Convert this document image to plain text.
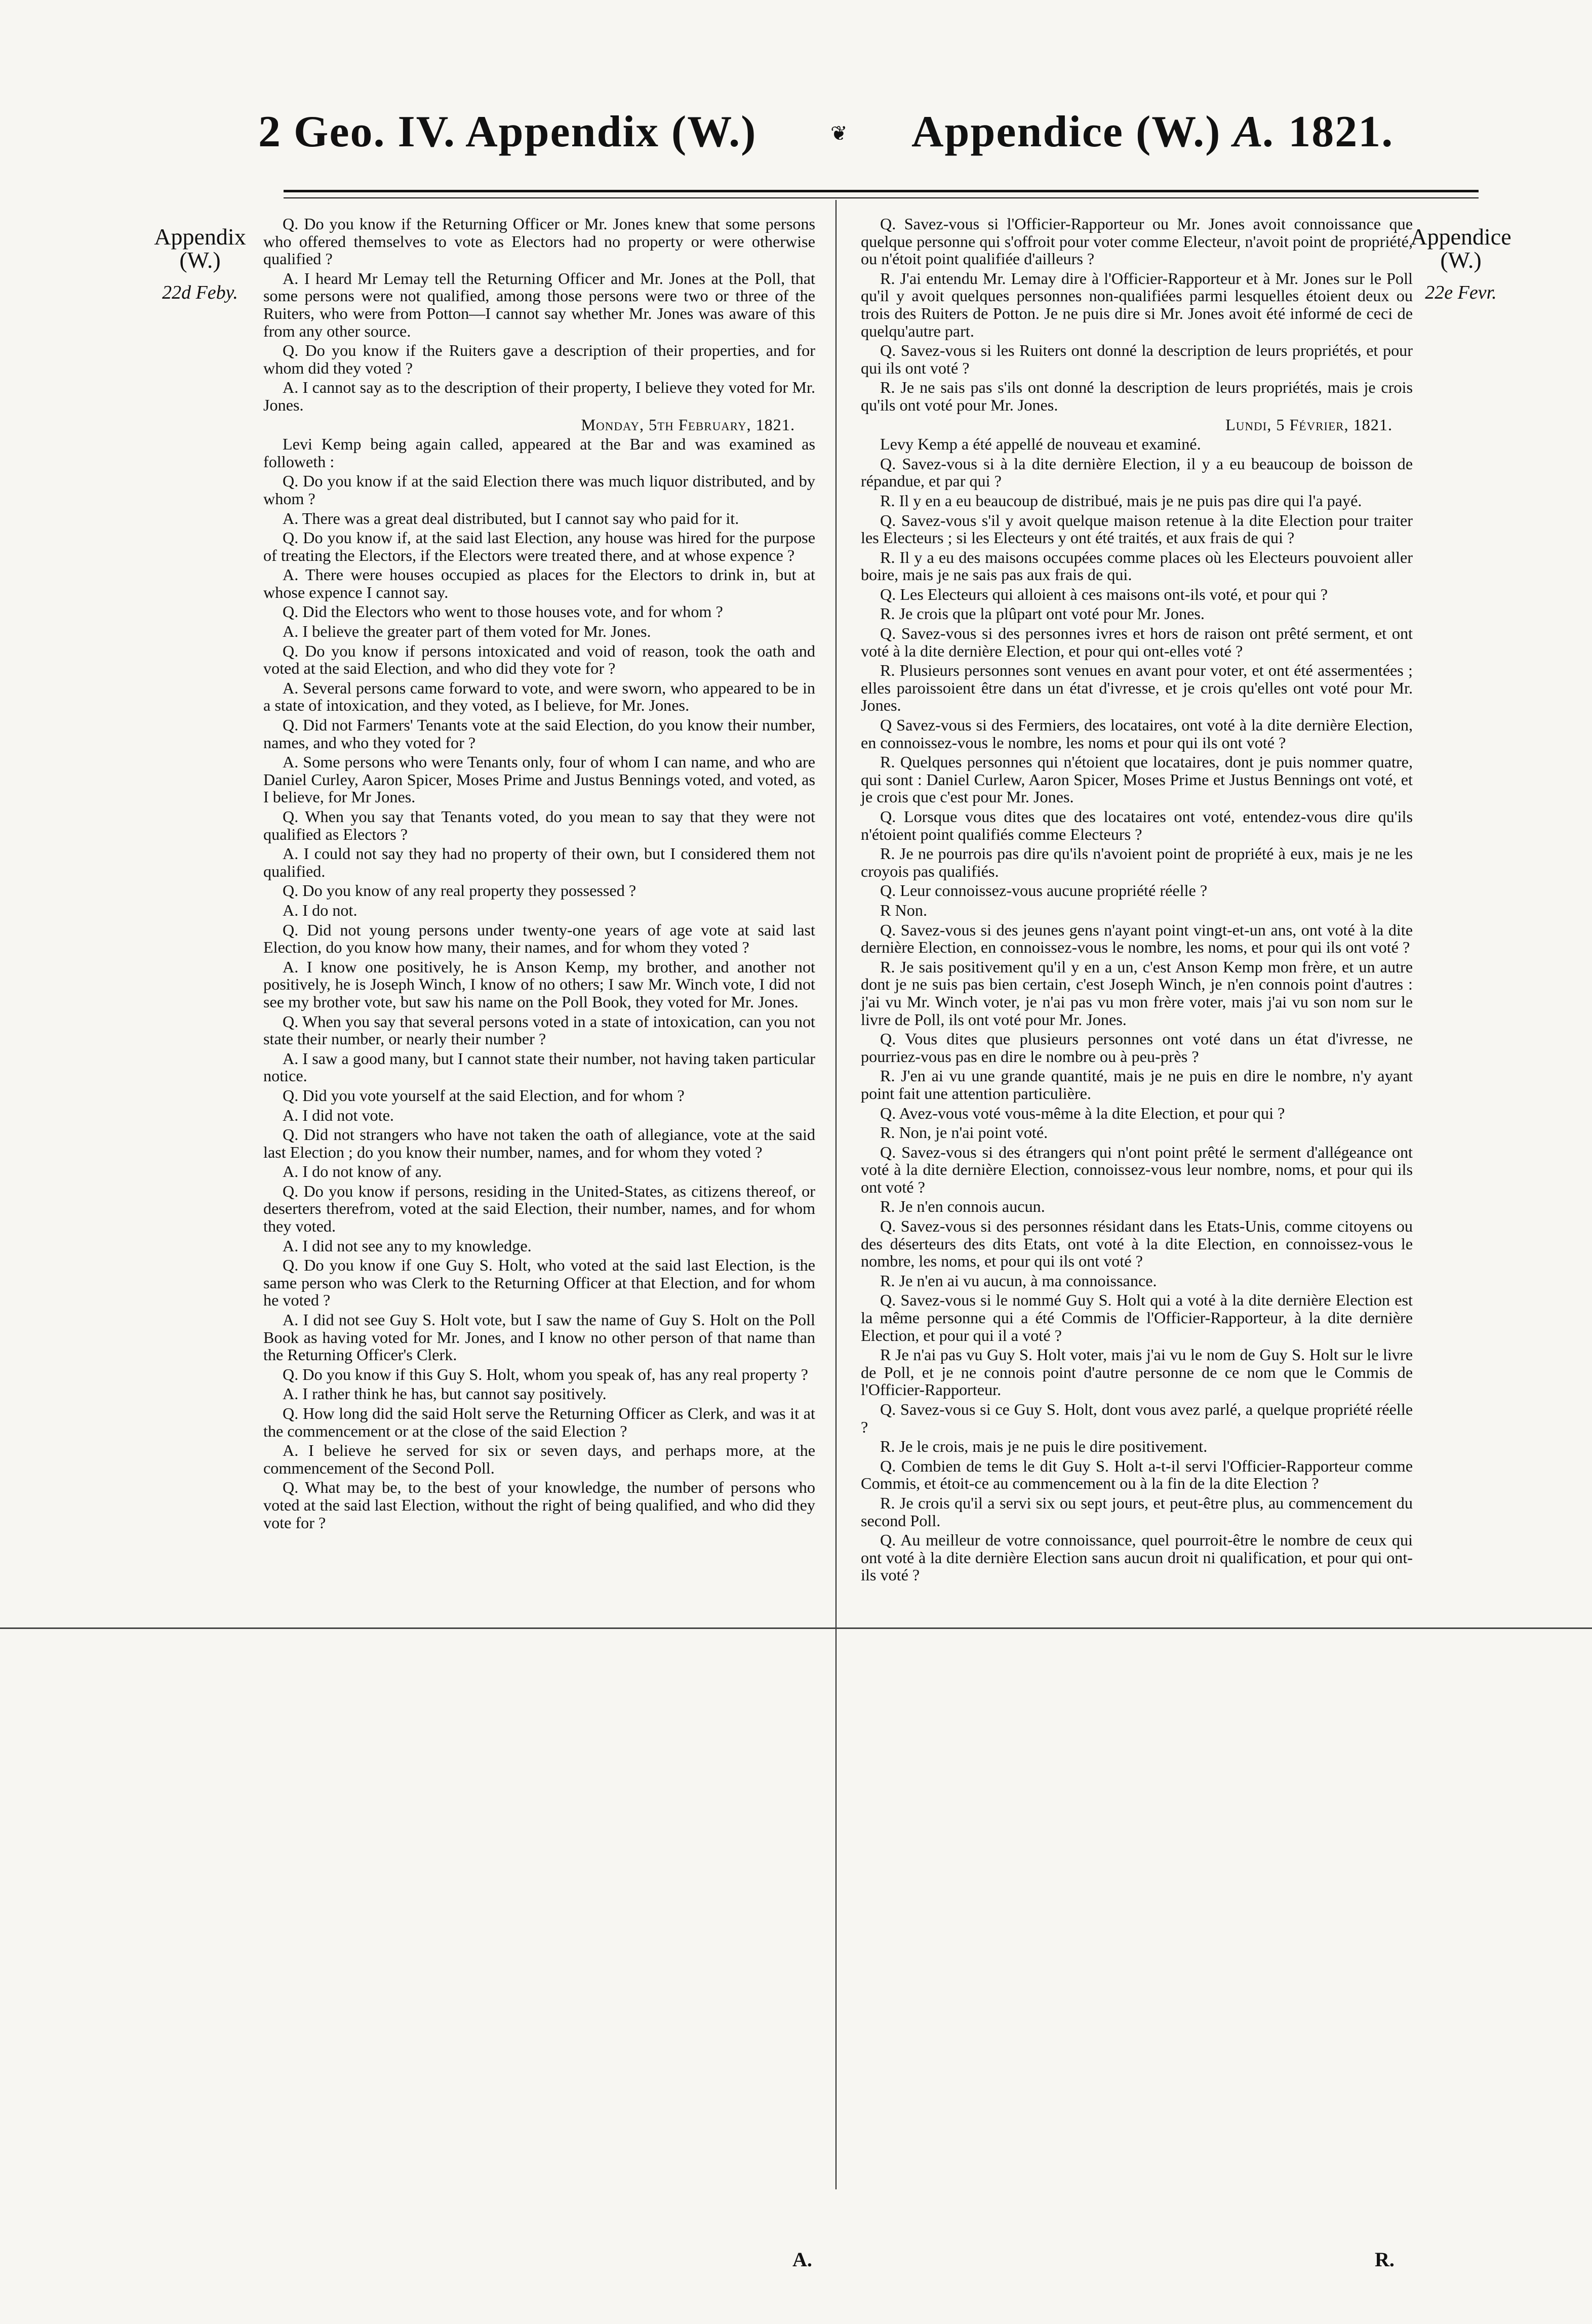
2 Geo. IV. Appendix (W.)	❦ Appendice (W.) A. 1821.
Appendix
(W.)
22d Feby.
Appendice
(W.)
22e Fevr.

Q. Do you know if the Returning Officer or Mr. Jones knew that some persons who offered themselves to vote as Electors had no property or were otherwise qualified ?

A. I heard Mr Lemay tell the Returning Officer and Mr. Jones at the Poll, that some persons were not qualified, among those persons were two or three of the Ruiters, who were from Potton—I cannot say whether Mr. Jones was aware of this from any other source.

Q. Do you know if the Ruiters gave a description of their properties, and for whom did they voted ?

A. I cannot say as to the description of their property, I believe they voted for Mr. Jones.

Monday, 5th February, 1821.

Levi Kemp being again called, appeared at the Bar and was examined as followeth :

Q. Do you know if at the said Election there was much liquor distributed, and by whom ?

A. There was a great deal distributed, but I cannot say who paid for it.

Q. Do you know if, at the said last Election, any house was hired for the purpose of treating the Electors, if the Electors were treated there, and at whose expence ?

A. There were houses occupied as places for the Electors to drink in, but at whose expence I cannot say.

Q. Did the Electors who went to those houses vote, and for whom ?

A. I believe the greater part of them voted for Mr. Jones.

Q. Do you know if persons intoxicated and void of reason, took the oath and voted at the said Election, and who did they vote for ?

A. Several persons came forward to vote, and were sworn, who appeared to be in a state of intoxication, and they voted, as I believe, for Mr. Jones.

Q. Did not Farmers' Tenants vote at the said Election, do you know their number, names, and who they voted for ?

A. Some persons who were Tenants only, four of whom I can name, and who are Daniel Curley, Aaron Spicer, Moses Prime and Justus Bennings voted, and voted, as I believe, for Mr Jones.

Q. When you say that Tenants voted, do you mean to say that they were not qualified as Electors ?

A. I could not say they had no property of their own, but I considered them not qualified.

Q. Do you know of any real property they possessed ?

A. I do not.

Q. Did not young persons under twenty-one years of age vote at said last Election, do you know how many, their names, and for whom they voted ?

A. I know one positively, he is Anson Kemp, my brother, and another not positively, he is Joseph Winch, I know of no others; I saw Mr. Winch vote, I did not see my brother vote, but saw his name on the Poll Book, they voted for Mr. Jones.

Q. When you say that several persons voted in a state of intoxication, can you not state their number, or nearly their number ?

A. I saw a good many, but I cannot state their number, not having taken particular notice.

Q. Did you vote yourself at the said Election, and for whom ?

A. I did not vote.

Q. Did not strangers who have not taken the oath of allegiance, vote at the said last Election ; do you know their number, names, and for whom they voted ?

A. I do not know of any.

Q. Do you know if persons, residing in the United-States, as citizens thereof, or deserters therefrom, voted at the said Election, their number, names, and for whom they voted.

A. I did not see any to my knowledge.

Q. Do you know if one Guy S. Holt, who voted at the said last Election, is the same person who was Clerk to the Returning Officer at that Election, and for whom he voted ?

A. I did not see Guy S. Holt vote, but I saw the name of Guy S. Holt on the Poll Book as having voted for Mr. Jones, and I know no other person of that name than the Returning Officer's Clerk.

Q. Do you know if this Guy S. Holt, whom you speak of, has any real property ?

A. I rather think he has, but cannot say positively.

Q. How long did the said Holt serve the Returning Officer as Clerk, and was it at the commencement or at the close of the said Election ?

A. I believe he served for six or seven days, and perhaps more, at the commencement of the Second Poll.

Q. What may be, to the best of your knowledge, the number of persons who voted at the said last Election, without the right of being qualified, and who did they vote for ?

Q. Savez-vous si l'Officier-Rapporteur ou Mr. Jones avoit connoissance que quelque personne qui s'offroit pour voter comme Electeur, n'avoit point de propriété, ou n'étoit point qualifiée d'ailleurs ?

R. J'ai entendu Mr. Lemay dire à l'Officier-Rapporteur et à Mr. Jones sur le Poll qu'il y avoit quelques personnes non-qualifiées parmi lesquelles étoient deux ou trois des Ruiters de Potton. Je ne puis dire si Mr. Jones avoit été informé de ceci de quelqu'autre part.

Q. Savez-vous si les Ruiters ont donné la description de leurs propriétés, et pour qui ils ont voté ?

R. Je ne sais pas s'ils ont donné la description de leurs propriétés, mais je crois qu'ils ont voté pour Mr. Jones.

Lundi, 5 Février, 1821.

Levy Kemp a été appellé de nouveau et examiné.

Q. Savez-vous si à la dite dernière Election, il y a eu beaucoup de boisson de répandue, et par qui ?

R. Il y en a eu beaucoup de distribué, mais je ne puis pas dire qui l'a payé.

Q. Savez-vous s'il y avoit quelque maison retenue à la dite Election pour traiter les Electeurs ; si les Electeurs y ont été traités, et aux frais de qui ?

R. Il y a eu des maisons occupées comme places où les Electeurs pouvoient aller boire, mais je ne sais pas aux frais de qui.

Q. Les Electeurs qui alloient à ces maisons ont-ils voté, et pour qui ?

R. Je crois que la plûpart ont voté pour Mr. Jones.

Q. Savez-vous si des personnes ivres et hors de raison ont prêté serment, et ont voté à la dite dernière Election, et pour qui ont-elles voté ?

R. Plusieurs personnes sont venues en avant pour voter, et ont été assermentées ; elles paroissoient être dans un état d'ivresse, et je crois qu'elles ont voté pour Mr. Jones.

Q Savez-vous si des Fermiers, des locataires, ont voté à la dite dernière Election, en connoissez-vous le nombre, les noms et pour qui ils ont voté ?

R. Quelques personnes qui n'étoient que locataires, dont je puis nommer quatre, qui sont : Daniel Curlew, Aaron Spicer, Moses Prime et Justus Bennings ont voté, et je crois que c'est pour Mr. Jones.

Q. Lorsque vous dites que des locataires ont voté, entendez-vous dire qu'ils n'étoient point qualifiés comme Electeurs ?

R. Je ne pourrois pas dire qu'ils n'avoient point de propriété à eux, mais je ne les croyois pas qualifiés.

Q. Leur connoissez-vous aucune propriété réelle ?

R Non.

Q. Savez-vous si des jeunes gens n'ayant point vingt-et-un ans, ont voté à la dite dernière Election, en connoissez-vous le nombre, les noms, et pour qui ils ont voté ?

R. Je sais positivement qu'il y en a un, c'est Anson Kemp mon frère, et un autre dont je ne suis pas bien certain, c'est Joseph Winch, je n'en connois point d'autres : j'ai vu Mr. Winch voter, je n'ai pas vu mon frère voter, mais j'ai vu son nom sur le livre de Poll, ils ont voté pour Mr. Jones.

Q. Vous dites que plusieurs personnes ont voté dans un état d'ivresse, ne pourriez-vous pas en dire le nombre ou à peu-près ?

R. J'en ai vu une grande quantité, mais je ne puis en dire le nombre, n'y ayant point fait une attention particulière.

Q. Avez-vous voté vous-même à la dite Election, et pour qui ?

R. Non, je n'ai point voté.

Q. Savez-vous si des étrangers qui n'ont point prêté le serment d'allégeance ont voté à la dite dernière Election, connoissez-vous leur nombre, noms, et pour qui ils ont voté ?

R. Je n'en connois aucun.

Q. Savez-vous si des personnes résidant dans les Etats-Unis, comme citoyens ou des déserteurs des dits Etats, ont voté à la dite Election, en connoissez-vous le nombre, les noms, et pour qui ils ont voté ?

R. Je n'en ai vu aucun, à ma connoissance.

Q. Savez-vous si le nommé Guy S. Holt qui a voté à la dite dernière Election est la même personne qui a été Commis de l'Officier-Rapporteur, à la dite dernière Election, et pour qui il a voté ?

R Je n'ai pas vu Guy S. Holt voter, mais j'ai vu le nom de Guy S. Holt sur le livre de Poll, et je ne connois point d'autre personne de ce nom que le Commis de l'Officier-Rapporteur.

Q. Savez-vous si ce Guy S. Holt, dont vous avez parlé, a quelque propriété réelle ?

R. Je le crois, mais je ne puis le dire positivement.

Q. Combien de tems le dit Guy S. Holt a-t-il servi l'Officier-Rapporteur comme Commis, et étoit-ce au commencement ou à la fin de la dite Election ?

R. Je crois qu'il a servi six ou sept jours, et peut-être plus, au commencement du second Poll.

Q. Au meilleur de votre connoissance, quel pourroit-être le nombre de ceux qui ont voté à la dite dernière Election sans aucun droit ni qualification, et pour qui ont-ils voté ?

A.	R.
